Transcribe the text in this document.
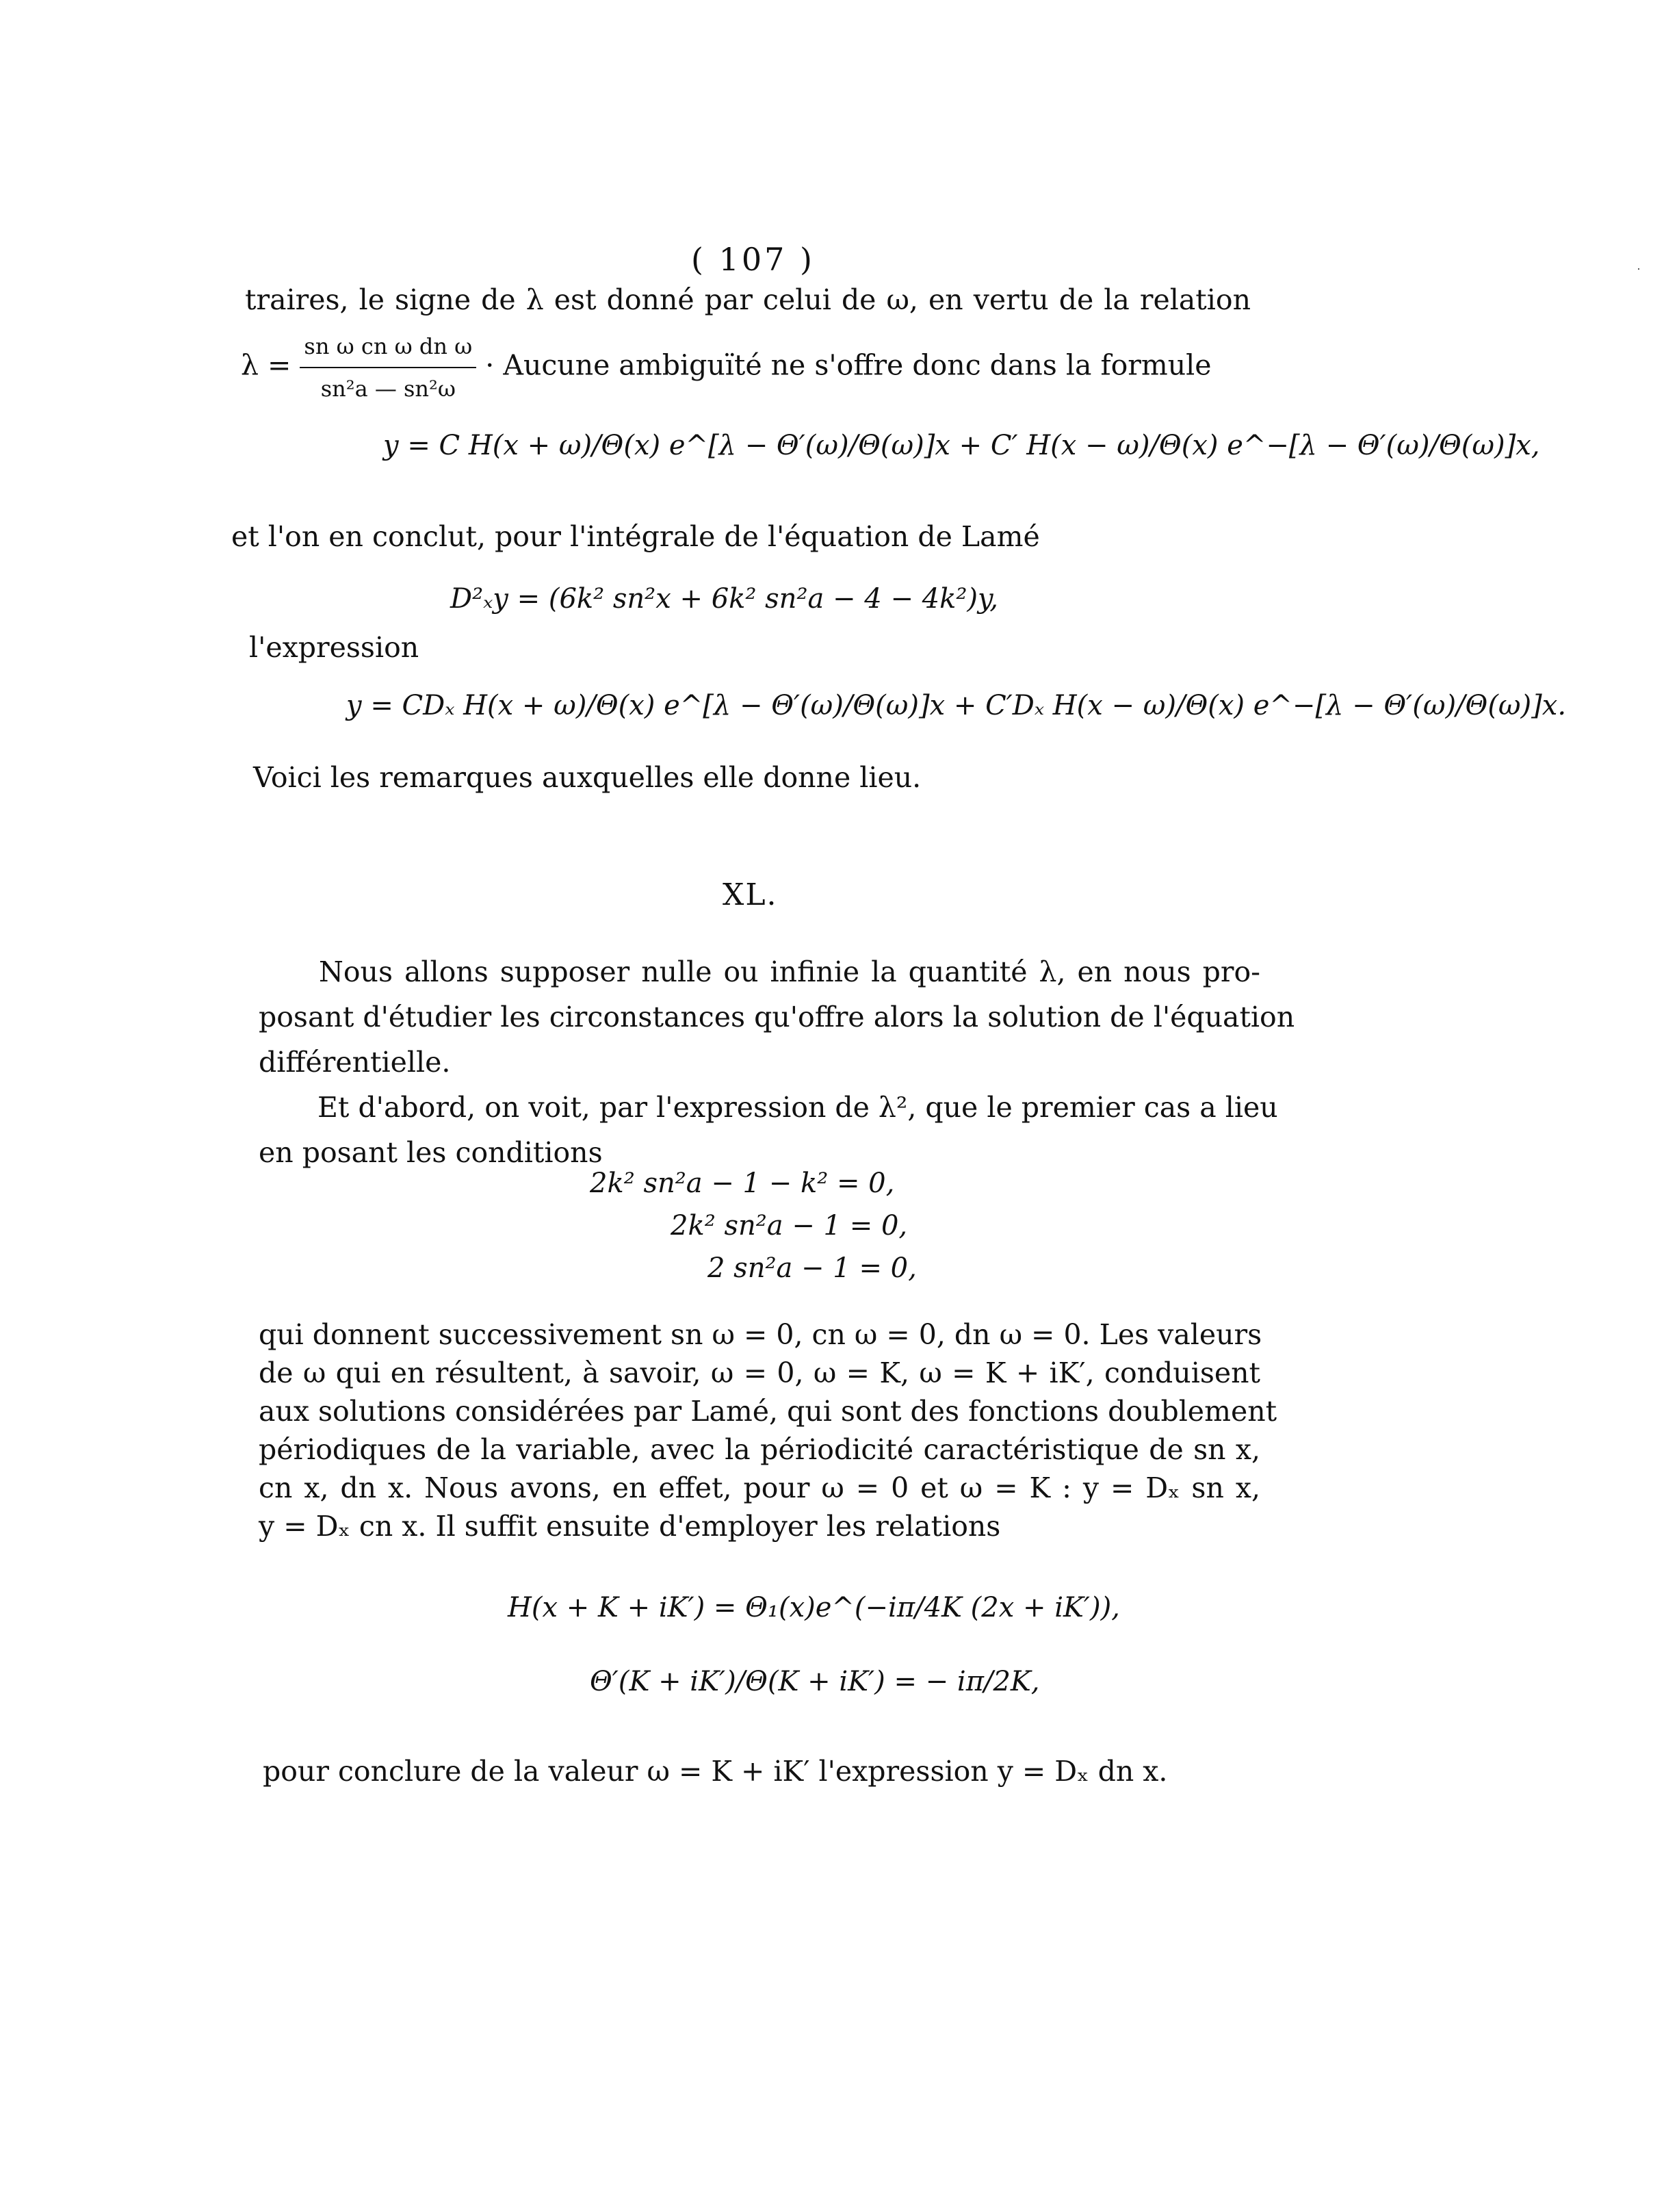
( 107 )
traires, le signe de λ est donné par celui de ω, en vertu de la relation
$\lambda = \frac{\text{sn ω cn ω dn ω}}{\text{sn²a — sn²ω}}$ · Aucune ambiguïté ne s'offre donc dans la formule
y = C H(x + ω)/Θ(x) e^[λ − Θ′(ω)/Θ(ω)]x + C′ H(x − ω)/Θ(x) e^−[λ − Θ′(ω)/Θ(ω)]x,
et l'on en conclut, pour l'intégrale de l'équation de Lamé
D²ₓy = (6k² sn²x + 6k² sn²a − 4 − 4k²)y,
l'expression
y = CDₓ H(x + ω)/Θ(x) e^[λ − Θ′(ω)/Θ(ω)]x + C′Dₓ H(x − ω)/Θ(x) e^−[λ − Θ′(ω)/Θ(ω)]x.
Voici les remarques auxquelles elle donne lieu.
XL.
Nous allons supposer nulle ou infinie la quantité λ, en nous pro-
posant d'étudier les circonstances qu'offre alors la solution de l'équation
différentielle.
Et d'abord, on voit, par l'expression de λ², que le premier cas a lieu
en posant les conditions
2k² sn²a − 1 − k² = 0,
2k² sn²a − 1 = 0,
2 sn²a − 1 = 0,
qui donnent successivement sn ω = 0, cn ω = 0, dn ω = 0. Les valeurs
de ω qui en résultent, à savoir, ω = 0, ω = K, ω = K + iK′, conduisent
aux solutions considérées par Lamé, qui sont des fonctions doublement
périodiques de la variable, avec la périodicité caractéristique de sn x,
cn x, dn x. Nous avons, en effet, pour ω = 0 et ω = K : y = Dₓ sn x,
y = Dₓ cn x. Il suffit ensuite d'employer les relations
H(x + K + iK′) = Θ₁(x)e^(−iπ/4K (2x + iK′)),
Θ′(K + iK′)/Θ(K + iK′) = − iπ/2K,
pour conclure de la valeur ω = K + iK′ l'expression y = Dₓ dn x.
